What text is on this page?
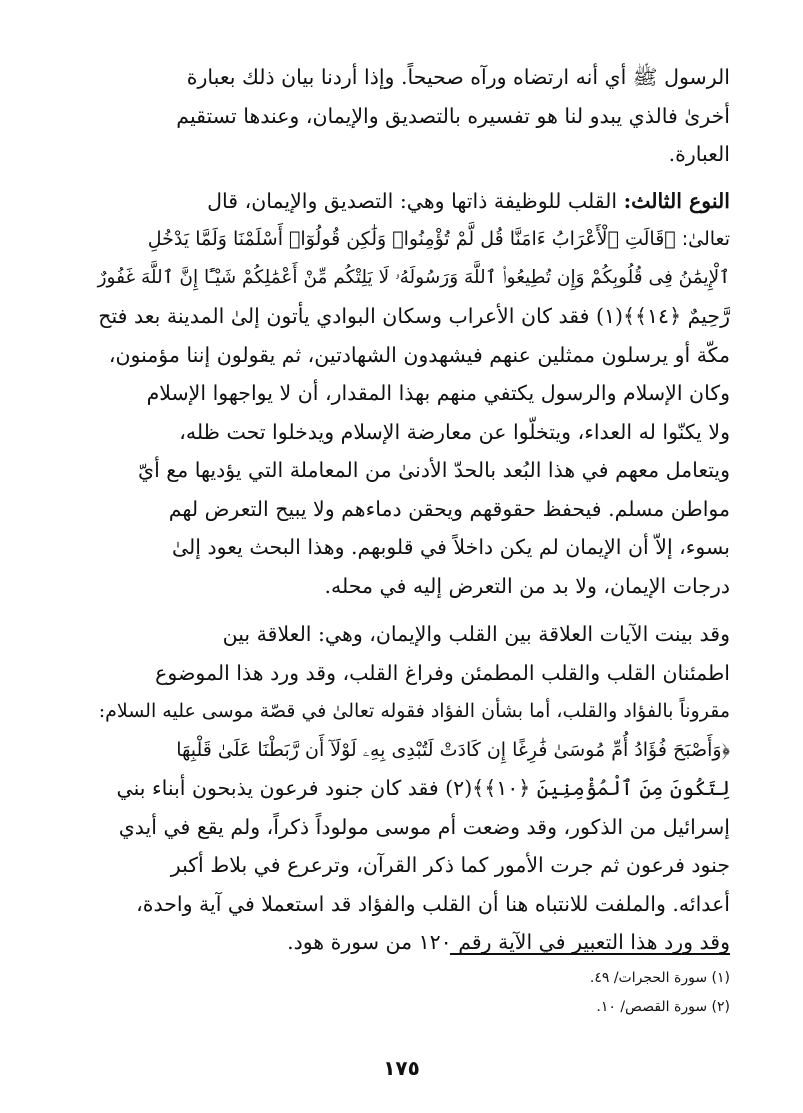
الرسول ﷺ أي أنه ارتضاه ورآه صحيحاً. وإذا أردنا بيان ذلك بعبارة
أخرىٰ فالذي يبدو لنا هو تفسيره بالتصديق والإيمان، وعندها تستقيم
العبارة.
النوع الثالث: القلب للوظيفة ذاتها وهي: التصديق والإيمان، قال
تعالىٰ: ﴿قَالَتِ ٱلْأَعْرَابُ ءَامَنَّا قُل لَّمْ تُؤْمِنُوا۟ وَلَٰكِن قُولُوٓا۟ أَسْلَمْنَا وَلَمَّا يَدْخُلِ
ٱلْإِيمَٰنُ فِى قُلُوبِكُمْ وَإِن تُطِيعُوا۟ ٱللَّهَ وَرَسُولَهُۥ لَا يَلِتْكُم مِّنْ أَعْمَٰلِكُمْ شَيْـًٔا إِنَّ ٱللَّهَ غَفُورٌ
رَّحِيمٌ ﴿١٤﴾﴾(١) فقد كان الأعراب وسكان البوادي يأتون إلىٰ المدينة بعد فتح
مكّة أو يرسلون ممثلين عنهم فيشهدون الشهادتين، ثم يقولون إننا مؤمنون،
وكان الإسلام والرسول يكتفي منهم بهذا المقدار، أن لا يواجهوا الإسلام
ولا يكنّوا له العداء، ويتخلّوا عن معارضة الإسلام ويدخلوا تحت ظله،
ويتعامل معهم في هذا البُعد بالحدّ الأدنىٰ من المعاملة التي يؤديها مع أيّ
مواطن مسلم. فيحفظ حقوقهم ويحقن دماءهم ولا يبيح التعرض لهم
بسوء، إلاّ أن الإيمان لم يكن داخلاً في قلوبهم. وهذا البحث يعود إلىٰ
درجات الإيمان، ولا بد من التعرض إليه في محله.
وقد بينت الآيات العلاقة بين القلب والإيمان، وهي: العلاقة بين
اطمئنان القلب والقلب المطمئن وفراغ القلب، وقد ورد هذا الموضوع
مقروناً بالفؤاد والقلب، أما بشأن الفؤاد فقوله تعالىٰ في قصّة موسى عليه السلام:
﴿وَأَصْبَحَ فُؤَادُ أُمِّ مُوسَىٰ فَٰرِغًا إِن كَادَتْ لَتُبْدِى بِهِۦ لَوْلَآ أَن رَّبَطْنَا عَلَىٰ قَلْبِهَا
لِتَكُونَ مِنَ ٱلْمُؤْمِنِينَ ﴿١٠﴾﴾(٢) فقد كان جنود فرعون يذبحون أبناء بني
إسرائيل من الذكور، وقد وضعت أم موسى مولوداً ذكراً، ولم يقع في أيدي
جنود فرعون ثم جرت الأمور كما ذكر القرآن، وترعرع في بلاط أكبر
أعدائه. والملفت للانتباه هنا أن القلب والفؤاد قد استعملا في آية واحدة،
وقد ورد هذا التعبير في الآية رقم ١٢٠ من سورة هود.

(١) سورة الحجرات/ ٤٩.

(٢) سورة القصص/ ١٠.

١٧٥
